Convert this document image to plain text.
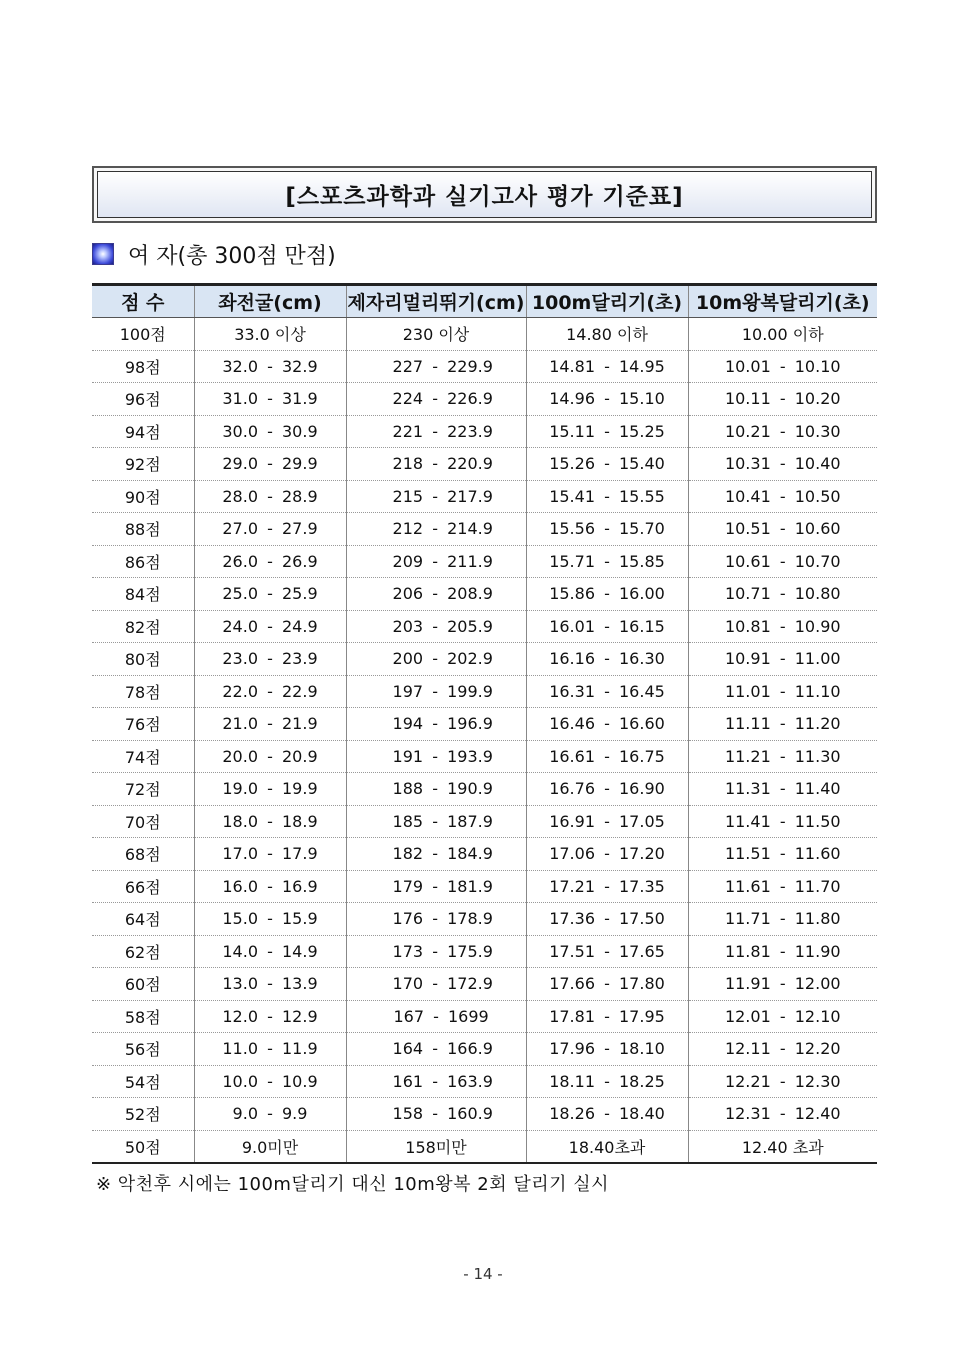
[스포츠과학과 실기고사 평가 기준표]
여 자(총 300점 만점)
점 수	좌전굴(cm)	제자리멀리뛰기(cm)	100m달리기(초)	10m왕복달리기(초)
100점	33.0 이상	230 이상	14.80 이하	10.00 이하
98점	32.0 - 32.9	227 - 229.9	14.81 - 14.95	10.01 - 10.10
96점	31.0 - 31.9	224 - 226.9	14.96 - 15.10	10.11 - 10.20
94점	30.0 - 30.9	221 - 223.9	15.11 - 15.25	10.21 - 10.30
92점	29.0 - 29.9	218 - 220.9	15.26 - 15.40	10.31 - 10.40
90점	28.0 - 28.9	215 - 217.9	15.41 - 15.55	10.41 - 10.50
88점	27.0 - 27.9	212 - 214.9	15.56 - 15.70	10.51 - 10.60
86점	26.0 - 26.9	209 - 211.9	15.71 - 15.85	10.61 - 10.70
84점	25.0 - 25.9	206 - 208.9	15.86 - 16.00	10.71 - 10.80
82점	24.0 - 24.9	203 - 205.9	16.01 - 16.15	10.81 - 10.90
80점	23.0 - 23.9	200 - 202.9	16.16 - 16.30	10.91 - 11.00
78점	22.0 - 22.9	197 - 199.9	16.31 - 16.45	11.01 - 11.10
76점	21.0 - 21.9	194 - 196.9	16.46 - 16.60	11.11 - 11.20
74점	20.0 - 20.9	191 - 193.9	16.61 - 16.75	11.21 - 11.30
72점	19.0 - 19.9	188 - 190.9	16.76 - 16.90	11.31 - 11.40
70점	18.0 - 18.9	185 - 187.9	16.91 - 17.05	11.41 - 11.50
68점	17.0 - 17.9	182 - 184.9	17.06 - 17.20	11.51 - 11.60
66점	16.0 - 16.9	179 - 181.9	17.21 - 17.35	11.61 - 11.70
64점	15.0 - 15.9	176 - 178.9	17.36 - 17.50	11.71 - 11.80
62점	14.0 - 14.9	173 - 175.9	17.51 - 17.65	11.81 - 11.90
60점	13.0 - 13.9	170 - 172.9	17.66 - 17.80	11.91 - 12.00
58점	12.0 - 12.9	167 - 1699	17.81 - 17.95	12.01 - 12.10
56점	11.0 - 11.9	164 - 166.9	17.96 - 18.10	12.11 - 12.20
54점	10.0 - 10.9	161 - 163.9	18.11 - 18.25	12.21 - 12.30
52점	9.0 - 9.9	158 - 160.9	18.26 - 18.40	12.31 - 12.40
50점	9.0미만	158미만	18.40초과	12.40 초과
※ 악천후 시에는 100m달리기 대신 10m왕복 2회 달리기 실시
- 14 -
